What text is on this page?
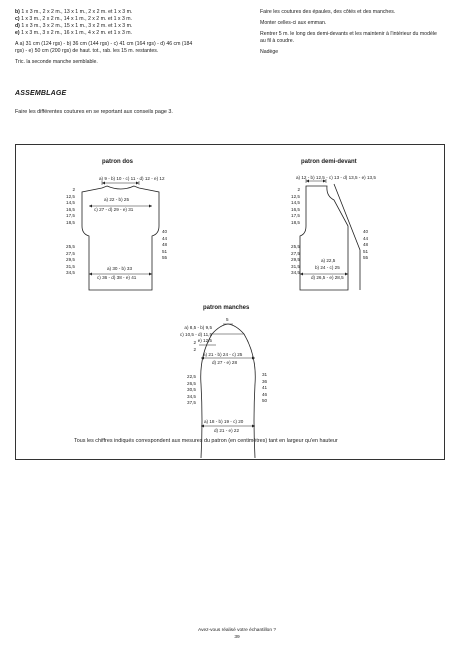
b) 1 x 3 m., 2 x 2 m., 13 x 1 m., 2 x 2 m. et 1 x 3 m.

c) 1 x 3 m., 2 x 2 m., 14 x 1 m., 2 x 2 m. et 1 x 3 m.

d) 1 x 3 m., 3 x 2 m., 15 x 1 m., 3 x 2 m. et 1 x 3 m.

e) 1 x 3 m., 3 x 2 m., 16 x 1 m., 4 x 2 m. et 1 x 3 m.

A a) 31 cm (124 rgs) - b) 36 cm (144 rgs) - c) 41 cm (164 rgs) - d) 46 cm (184

rgs) - e) 50 cm (200 rgs) de haut. tot., rab. les 15 m. restantes.

Tric. la seconde manche semblable.

Faire les coutures des épaules, des côtés et des manches.

Monter celles-ci aux emman.

Rentrer 5 m. le long des demi-devants et les maintenir à l'intérieur du modèle

au fil à coudre.

Nadège

ASSEMBLAGE
Faire les différentes coutures en se reportant aux conseils page 3.
patron dos
a) 9 - b) 10 - c) 11 - d) 12 - e) 12
a) 22 - b) 25
c) 27 - d) 29 - e) 31
a) 30 - b) 33
c) 36 - d) 38 - e) 41
2
12,5
14,5
16,5
17,5
18,5
25,5
27,5
29,5
31,5
34,5
40
44
48
51
55
patron demi-devant
a) 12 - b) 12,5 - c) 13 - d) 13,5 - e) 13,5
2
12,5
14,5
16,5
17,5
18,5
25,5
27,5
29,5
31,5
34,5
a) 22,5
b) 24 - c) 25
d) 26,5 - e) 28,5
40
44
48
51
55
patron manches
5
a) 8,5 - b) 9,5
c) 10,5 - d) 11,5
e) 12,5
2
2
a) 21 - b) 24 - c) 25
d) 27 - e) 28
22,5
26,5
30,5
34,5
37,5
a) 18 - b) 19 - c) 20
d) 21 - e) 22
31
36
41
46
50
Tous les chiffres indiqués correspondent aux mesures du patron (en centimètres) tant en largeur qu'en hauteur
Avez-vous réalisé votre échantillon ?
39
